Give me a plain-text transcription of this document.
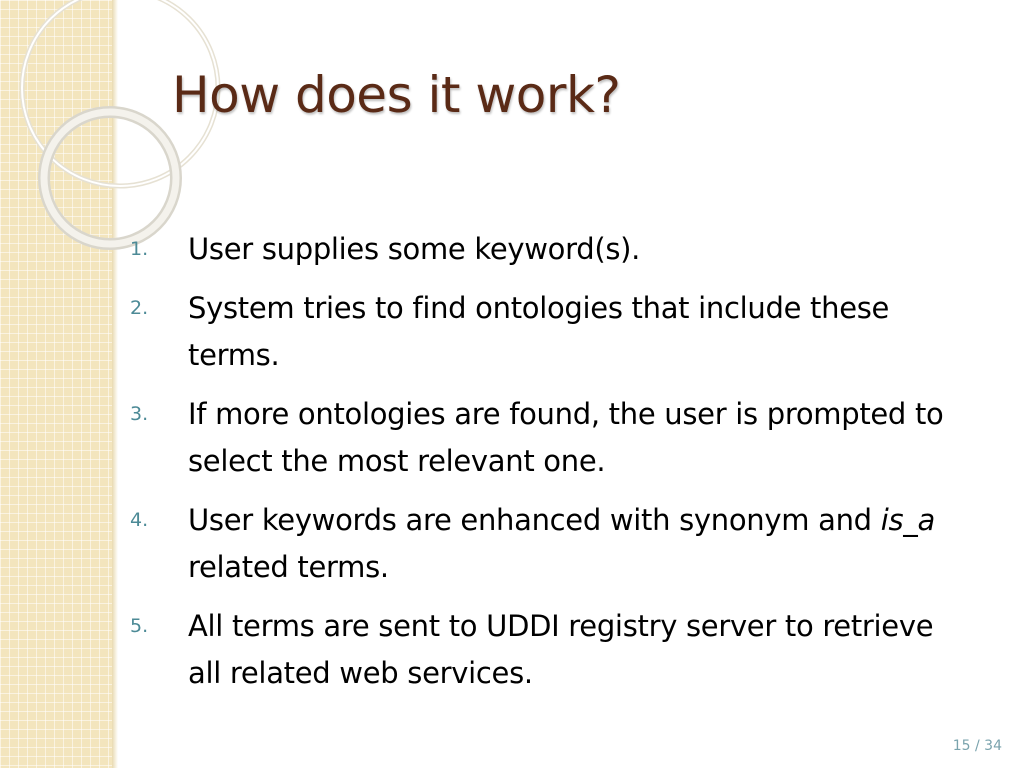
How does it work?
1. User supplies some keyword(s).
2. System tries to find ontologies that include these terms.
3. If more ontologies are found, the user is prompted to select the most relevant one.
4. User keywords are enhanced with synonym and is_a related terms.
5. All terms are sent to UDDI registry server to retrieve all related web services.
15 / 34
